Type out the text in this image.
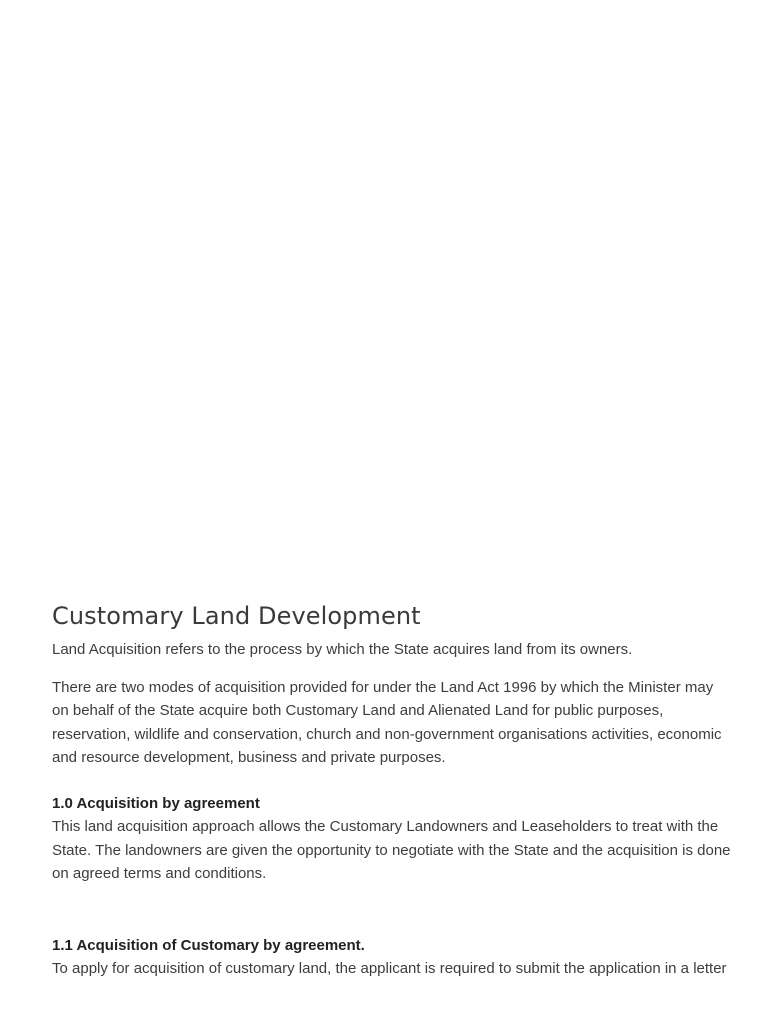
Customary Land Development

Land Acquisition refers to the process by which the State acquires land from its owners.

There are two modes of acquisition provided for under the Land Act 1996 by which the Minister may on behalf of the State acquire both Customary Land and Alienated Land for public purposes, reservation, wildlife and conservation, church and non-government organisations activities, economic and resource development, business and private purposes.

1.0 Acquisition by agreement

This land acquisition approach allows the Customary Landowners and Leaseholders to treat with the State. The landowners are given the opportunity to negotiate with the State and the acquisition is done on agreed terms and conditions.

1.1 Acquisition of Customary by agreement.

To apply for acquisition of customary land, the applicant is required to submit the application in a letter
